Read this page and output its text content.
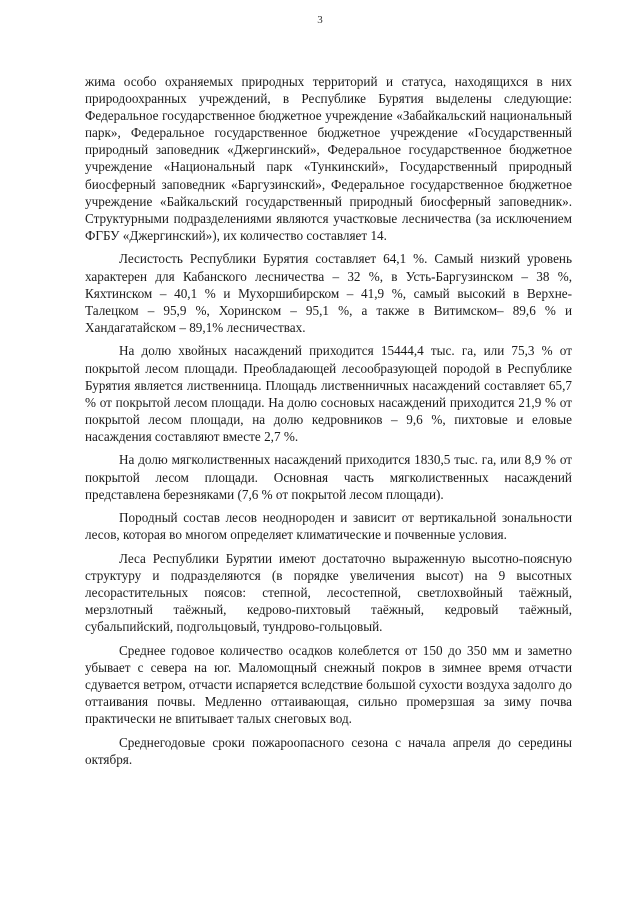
3

жима особо охраняемых природных территорий и статуса, находящихся в них природоохранных учреждений, в Республике Бурятия выделены следующие: Федеральное государственное бюджетное учреждение «Забайкальский национальный парк», Федеральное государственное бюджетное учреждение «Государственный природный заповедник «Джергинский», Федеральное государственное бюджетное учреждение «Национальный парк «Тункинский», Государственный природный биосферный заповедник «Баргузинский», Федеральное государственное бюджетное учреждение «Байкальский государственный природный биосферный заповедник». Структурными подразделениями являются участковые лесничества (за исключением ФГБУ «Джергинский»), их количество составляет 14.

Лесистость Республики Бурятия составляет 64,1 %. Самый низкий уровень характерен для Кабанского лесничества – 32 %, в Усть-Баргузинском – 38 %, Кяхтинском – 40,1 % и Мухоршибирском – 41,9 %, самый высокий в Верхне-Талецком – 95,9 %, Хоринском – 95,1 %, а также в Витимском– 89,6 % и Хандагатайском – 89,1% лесничествах.

На долю хвойных насаждений приходится 15444,4 тыс. га, или 75,3 % от покрытой лесом площади. Преобладающей лесообразующей породой в Республике Бурятия является лиственница. Площадь лиственничных насаждений составляет 65,7 % от покрытой лесом площади. На долю сосновых насаждений приходится 21,9 % от покрытой лесом площади, на долю кедровников – 9,6 %, пихтовые и еловые насаждения составляют вместе 2,7 %.

На долю мягколиственных насаждений приходится 1830,5 тыс. га, или 8,9 % от покрытой лесом площади. Основная часть мягколиственных насаждений представлена березняками (7,6 % от покрытой лесом площади).

Породный состав лесов неоднороден и зависит от вертикальной зональности лесов, которая во многом определяет климатические и почвенные условия.

Леса Республики Бурятии имеют достаточно выраженную высотно-поясную структуру и подразделяются (в порядке увеличения высот) на 9 высотных лесорастительных поясов: степной, лесостепной, светлохвойный таёжный, мерзлотный таёжный, кедрово-пихтовый таёжный, кедровый таёжный, субальпийский, подгольцовый, тундрово-гольцовый.

Среднее годовое количество осадков колеблется от 150 до 350 мм и заметно убывает с севера на юг. Маломощный снежный покров в зимнее время отчасти сдувается ветром, отчасти испаряется вследствие большой сухости воздуха задолго до оттаивания почвы. Медленно оттаивающая, сильно промерзшая за зиму почва практически не впитывает талых снеговых вод.

Среднегодовые сроки пожароопасного сезона с начала апреля до середины октября.
